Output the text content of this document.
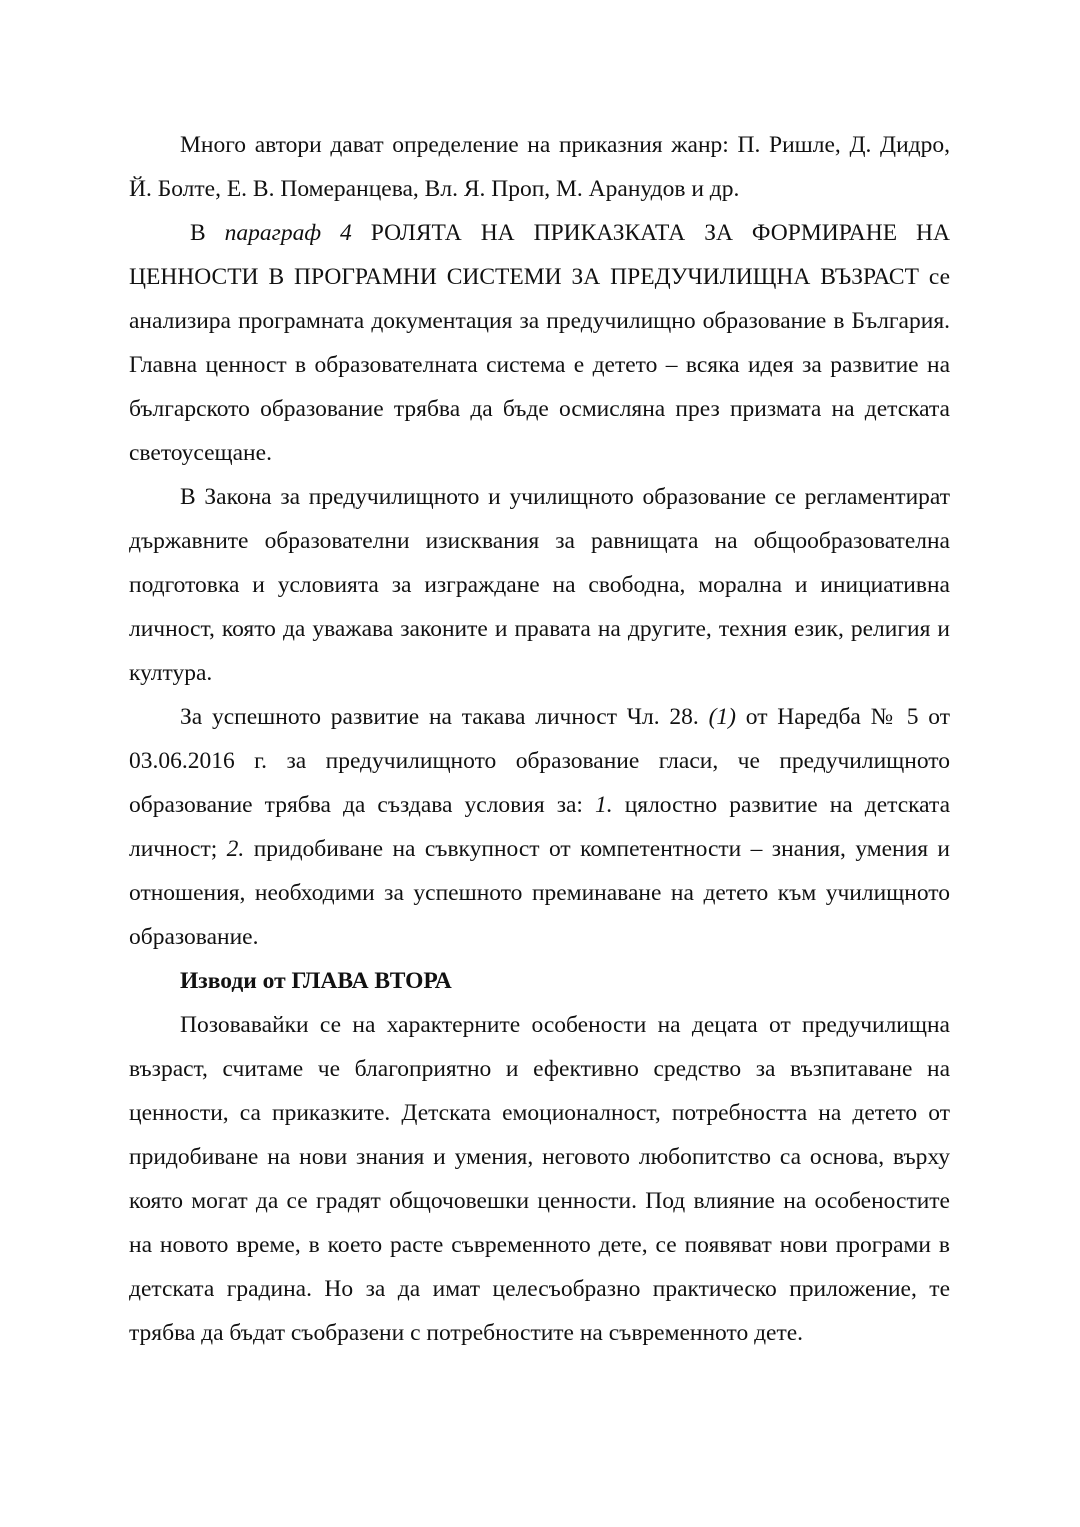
Много автори дават определение на приказния жанр: П. Ришле, Д. Дидро, Й. Болте, Е. В. Померанцева, Вл. Я. Проп, М. Аранудов и др.

В параграф 4 РОЛЯТА НА ПРИКАЗКАТА ЗА ФОРМИРАНЕ НА ЦЕННОСТИ В ПРОГРАМНИ СИСТЕМИ ЗА ПРЕДУЧИЛИЩНА ВЪЗРАСТ се анализира програмната документация за предучилищно образование в България. Главна ценност в образователната система е детето – всяка идея за развитие на българското образование трябва да бъде осмисляна през призмата на детската светоусещане.

В Закона за предучилищното и училищното образование се регламентират държавните образователни изисквания за равнищата на общообразователна подготовка и условията за изграждане на свободна, морална и инициативна личност, която да уважава законите и правата на другите, техния език, религия и култура.

За успешното развитие на такава личност Чл. 28. (1) от Наредба № 5 от 03.06.2016 г. за предучилищното образование гласи, че предучилищното образование трябва да създава условия за: 1. цялостно развитие на детската личност; 2. придобиване на съвкупност от компетентности – знания, умения и отношения, необходими за успешното преминаване на детето към училищното образование.

Изводи от ГЛАВА ВТОРА

Позовавайки се на характерните особености на децата от предучилищна възраст, считаме че благоприятно и ефективно средство за възпитаване на ценности, са приказките. Детската емоционалност, потребността на детето от придобиване на нови знания и умения, неговото любопитство са основа, върху която могат да се градят общочовешки ценности. Под влияние на особеностите на новото време, в което расте съвременното дете, се появяват нови програми в детската градина. Но за да имат целесъобразно практическо приложение, те трябва да бъдат съобразени с потребностите на съвременното дете.
